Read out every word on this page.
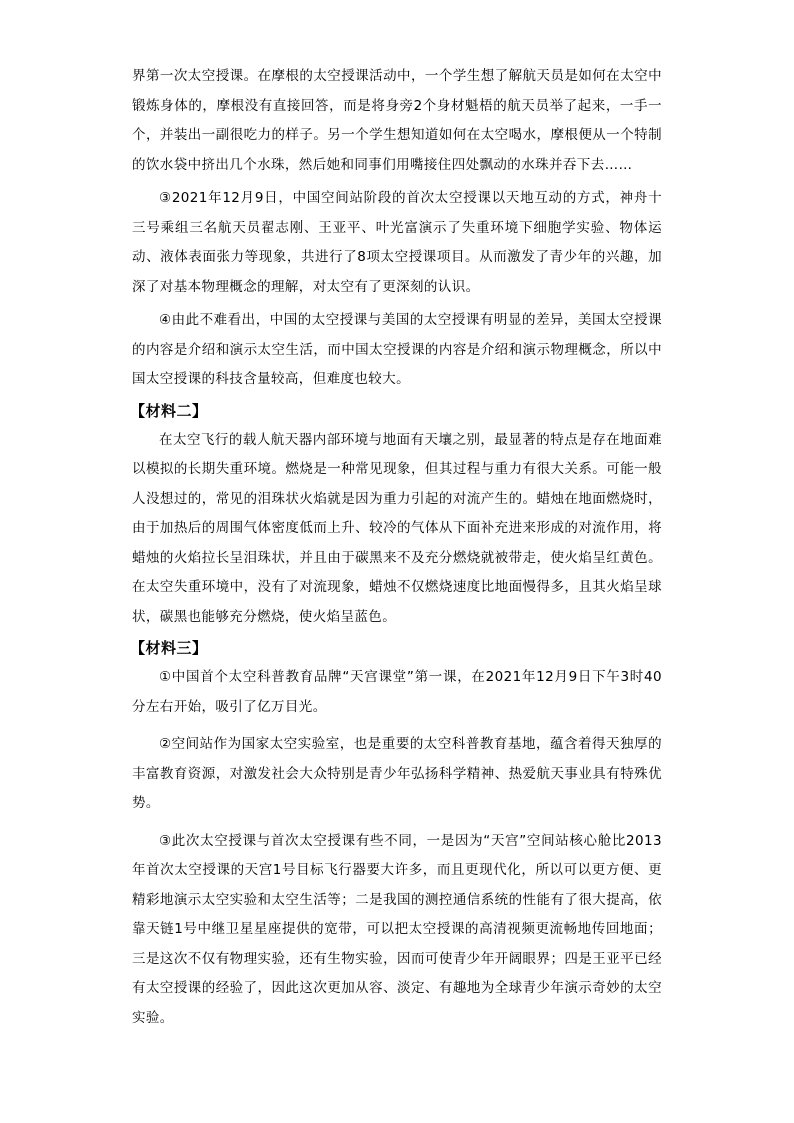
界第一次太空授课。在摩根的太空授课活动中，一个学生想了解航天员是如何在太空中锻炼身体的，摩根没有直接回答，而是将身旁2个身材魁梧的航天员举了起来，一手一个，并装出一副很吃力的样子。另一个学生想知道如何在太空喝水，摩根便从一个特制的饮水袋中挤出几个水珠，然后她和同事们用嘴接住四处飘动的水珠并吞下去……

③2021年12月9日，中国空间站阶段的首次太空授课以天地互动的方式，神舟十三号乘组三名航天员翟志刚、王亚平、叶光富演示了失重环境下细胞学实验、物体运动、液体表面张力等现象，共进行了8项太空授课项目。从而激发了青少年的兴趣，加深了对基本物理概念的理解，对太空有了更深刻的认识。

④由此不难看出，中国的太空授课与美国的太空授课有明显的差异，美国太空授课的内容是介绍和演示太空生活，而中国太空授课的内容是介绍和演示物理概念，所以中国太空授课的科技含量较高，但难度也较大。

【材料二】

在太空飞行的载人航天器内部环境与地面有天壤之别，最显著的特点是存在地面难以模拟的长期失重环境。燃烧是一种常见现象，但其过程与重力有很大关系。可能一般人没想过的，常见的泪珠状火焰就是因为重力引起的对流产生的。蜡烛在地面燃烧时，由于加热后的周围气体密度低而上升、较冷的气体从下面补充进来形成的对流作用，将蜡烛的火焰拉长呈泪珠状，并且由于碳黑来不及充分燃烧就被带走，使火焰呈红黄色。在太空失重环境中，没有了对流现象，蜡烛不仅燃烧速度比地面慢得多，且其火焰呈球状，碳黑也能够充分燃烧，使火焰呈蓝色。

【材料三】

①中国首个太空科普教育品牌“天宫课堂”第一课，在2021年12月9日下午3时40分左右开始，吸引了亿万目光。

②空间站作为国家太空实验室，也是重要的太空科普教育基地，蕴含着得天独厚的丰富教育资源，对激发社会大众特别是青少年弘扬科学精神、热爱航天事业具有特殊优势。

③此次太空授课与首次太空授课有些不同，一是因为“天宫”空间站核心舱比2013年首次太空授课的天宫1号目标飞行器要大许多，而且更现代化，所以可以更方便、更精彩地演示太空实验和太空生活等；二是我国的测控通信系统的性能有了很大提高，依靠天链1号中继卫星星座提供的宽带，可以把太空授课的高清视频更流畅地传回地面；三是这次不仅有物理实验，还有生物实验，因而可使青少年开阔眼界；四是王亚平已经有太空授课的经验了，因此这次更加从容、淡定、有趣地为全球青少年演示奇妙的太空实验。
